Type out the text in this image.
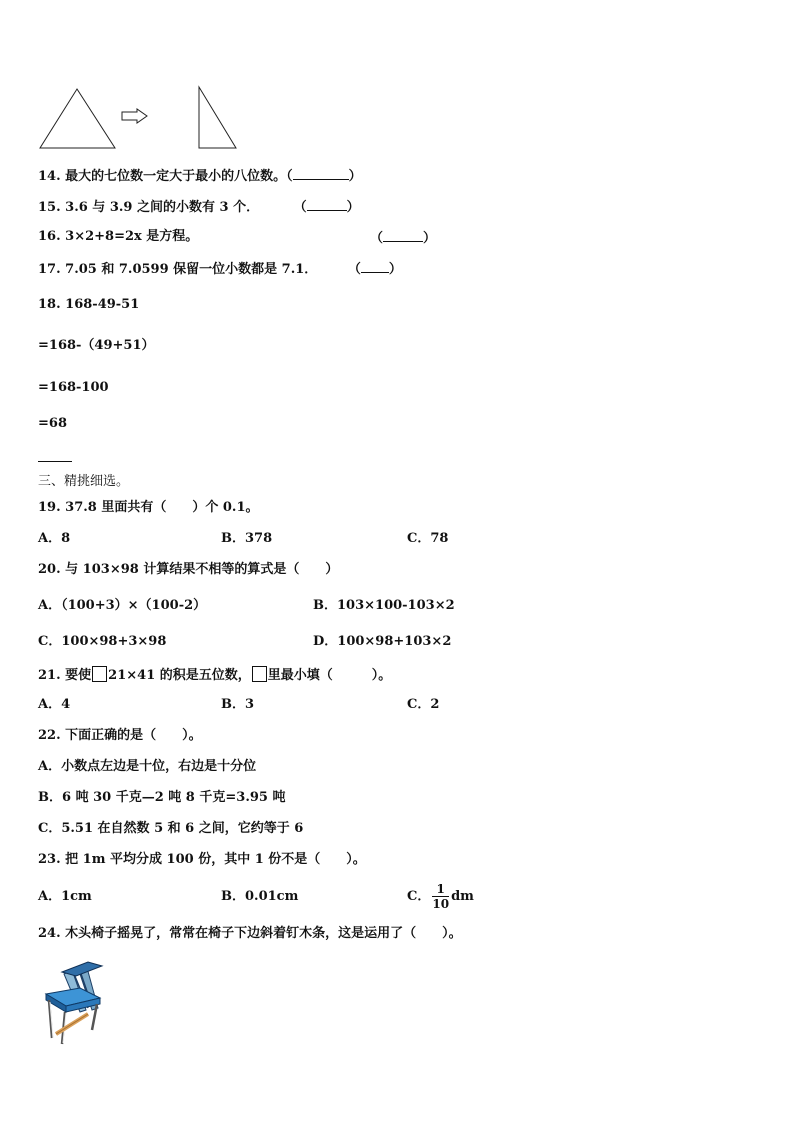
14. 最大的七位数一定大于最小的八位数。（	）
15. 3.6 与 3.9 之间的小数有 3 个．	（	）
16. 3×2+8=2x 是方程。	（	）
17. 7.05 和 7.0599 保留一位小数都是 7.1． （ ）
18. 168-49-51
=168-（49+51）
=168-100
=68
三、精挑细选。
19. 37.8 里面共有（　　）个 0.1。
A．8	B．378	C．78
20. 与 103×98 计算结果不相等的算式是（　　）
A．（100+3）×（100-2）	B．103×100-103×2
C．100×98+3×98	D．100×98+103×2
21. 要使 21×41 的积是五位数， 里最小填（　　　）。
A．4	B．3	C．2
22. 下面正确的是（　　）。
A．小数点左边是十位，右边是十分位
B．6 吨 30 千克—2 吨 8 千克=3.95 吨
C．5.51 在自然数 5 和 6 之间，它约等于 6
23. 把 1m 平均分成 100 份，其中 1 份不是（　　）。
A．1cm	B．0.01cm	C． $\frac{1}{10}$ dm
24. 木头椅子摇晃了，常常在椅子下边斜着钉木条，这是运用了（　　）。
